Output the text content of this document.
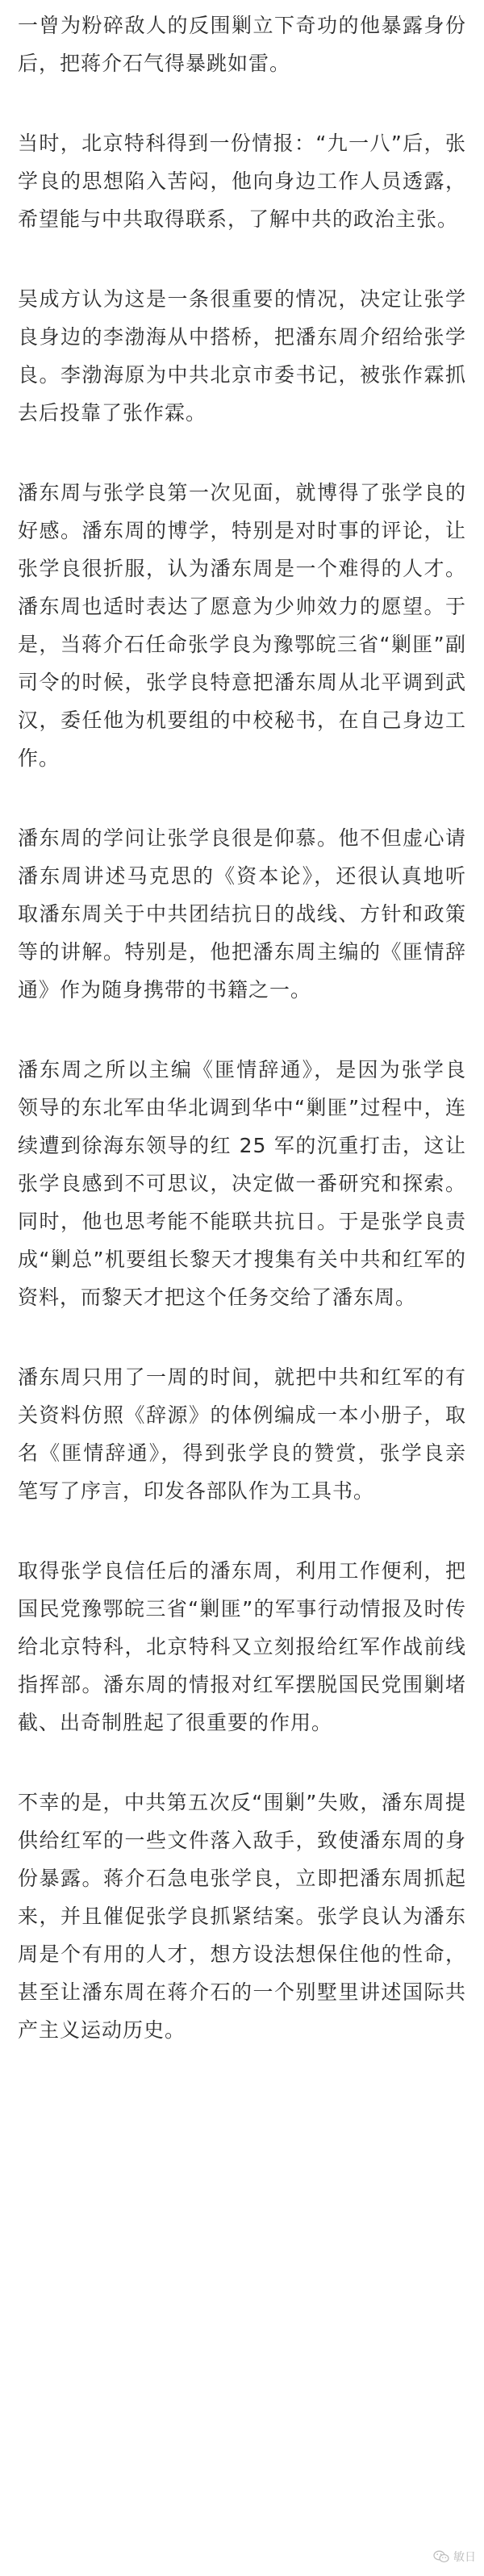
一曾为粉碎敌人的反围剿立下奇功的他暴露身份后，把蒋介石气得暴跳如雷。

当时，北京特科得到一份情报：“九一八”后，张学良的思想陷入苦闷，他向身边工作人员透露，希望能与中共取得联系，了解中共的政治主张。

吴成方认为这是一条很重要的情况，决定让张学良身边的李渤海从中搭桥，把潘东周介绍给张学良。李渤海原为中共北京市委书记，被张作霖抓去后投靠了张作霖。

潘东周与张学良第一次见面，就博得了张学良的好感。潘东周的博学，特别是对时事的评论，让张学良很折服，认为潘东周是一个难得的人才。潘东周也适时表达了愿意为少帅效力的愿望。于是，当蒋介石任命张学良为豫鄂皖三省“剿匪”副司令的时候，张学良特意把潘东周从北平调到武汉，委任他为机要组的中校秘书，在自己身边工作。

潘东周的学问让张学良很是仰慕。他不但虚心请潘东周讲述马克思的《资本论》，还很认真地听取潘东周关于中共团结抗日的战线、方针和政策等的讲解。特别是，他把潘东周主编的《匪情辞通》作为随身携带的书籍之一。

潘东周之所以主编《匪情辞通》，是因为张学良领导的东北军由华北调到华中“剿匪”过程中，连续遭到徐海东领导的红 25 军的沉重打击，这让张学良感到不可思议，决定做一番研究和探索。同时，他也思考能不能联共抗日。于是张学良责成“剿总”机要组长黎天才搜集有关中共和红军的资料，而黎天才把这个任务交给了潘东周。

潘东周只用了一周的时间，就把中共和红军的有关资料仿照《辞源》的体例编成一本小册子，取名《匪情辞通》，得到张学良的赞赏，张学良亲笔写了序言，印发各部队作为工具书。

取得张学良信任后的潘东周，利用工作便利，把国民党豫鄂皖三省“剿匪”的军事行动情报及时传给北京特科，北京特科又立刻报给红军作战前线指挥部。潘东周的情报对红军摆脱国民党围剿堵截、出奇制胜起了很重要的作用。

不幸的是，中共第五次反“围剿”失败，潘东周提供给红军的一些文件落入敌手，致使潘东周的身份暴露。蒋介石急电张学良，立即把潘东周抓起来，并且催促张学良抓紧结案。张学良认为潘东周是个有用的人才，想方设法想保住他的性命，甚至让潘东周在蒋介石的一个别墅里讲述国际共产主义运动历史。

敏日
